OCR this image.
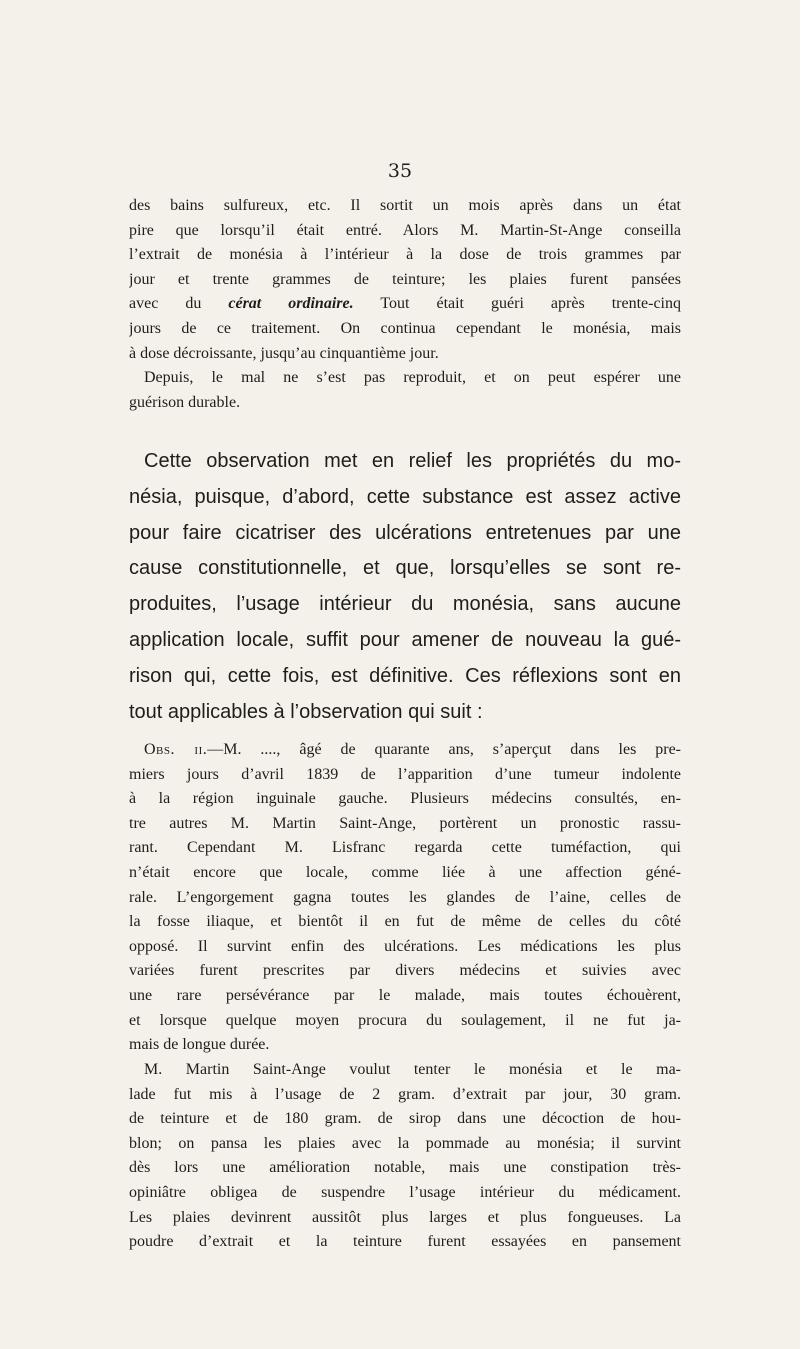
35
des bains sulfureux, etc. Il sortit un mois après dans un état
pire que lorsqu’il était entré. Alors M. Martin-St-Ange conseilla
l’extrait de monésia à l’intérieur à la dose de trois grammes par
jour et trente grammes de teinture; les plaies furent pansées
avec du cérat ordinaire. Tout était guéri après trente-cinq
jours de ce traitement. On continua cependant le monésia, mais
à dose décroissante, jusqu’au cinquantième jour.
Depuis, le mal ne s’est pas reproduit, et on peut espérer une
guérison durable.
Cette observation met en relief les propriétés du mo-
nésia, puisque, d’abord, cette substance est assez active
pour faire cicatriser des ulcérations entretenues par une
cause constitutionnelle, et que, lorsqu’elles se sont re-
produites, l’usage intérieur du monésia, sans aucune
application locale, suffit pour amener de nouveau la gué-
rison qui, cette fois, est définitive. Ces réflexions sont en
tout applicables à l’observation qui suit :
Obs. ii.—M. ...., âgé de quarante ans, s’aperçut dans les pre-
miers jours d’avril 1839 de l’apparition d’une tumeur indolente
à la région inguinale gauche. Plusieurs médecins consultés, en-
tre autres M. Martin Saint-Ange, portèrent un pronostic rassu-
rant. Cependant M. Lisfranc regarda cette tuméfaction, qui
n’était encore que locale, comme liée à une affection géné-
rale. L’engorgement gagna toutes les glandes de l’aine, celles de
la fosse iliaque, et bientôt il en fut de même de celles du côté
opposé. Il survint enfin des ulcérations. Les médications les plus
variées furent prescrites par divers médecins et suivies avec
une rare persévérance par le malade, mais toutes échouèrent,
et lorsque quelque moyen procura du soulagement, il ne fut ja-
mais de longue durée.
M. Martin Saint-Ange voulut tenter le monésia et le ma-
lade fut mis à l’usage de 2 gram. d’extrait par jour, 30 gram.
de teinture et de 180 gram. de sirop dans une décoction de hou-
blon; on pansa les plaies avec la pommade au monésia; il survint
dès lors une amélioration notable, mais une constipation très-
opiniâtre obligea de suspendre l’usage intérieur du médicament.
Les plaies devinrent aussitôt plus larges et plus fongueuses. La
poudre d’extrait et la teinture furent essayées en pansement
